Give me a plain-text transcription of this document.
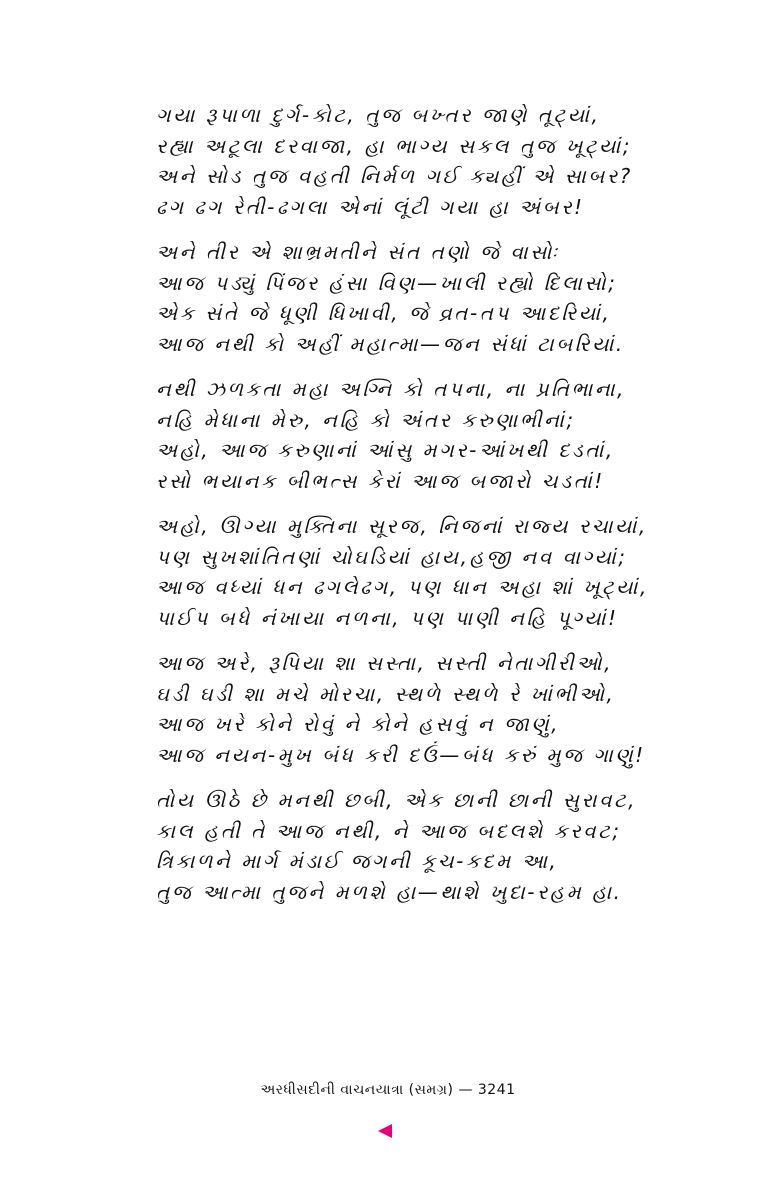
ગયા રૂપાળા દુર્ગ-કોટ, તુજ બખ્તર જાણે તૂટ્યાં,
રહ્યા અટૂલા દરવાજા, હા ભાગ્ય સકલ તુજ ખૂટ્યાં;
અને સોડ તુજ વહતી નિર્મળ ગઈ ક્યહીં એ સાબર?
ઢગ ઢગ રેતી-ઢગલા એનાં લૂંટી ગયા હા અંબર!
અને તીર એ શાભ્રમતીને સંત તણો જે વાસોઃ
આજ પડ્યું પિંજર હંસા વિણ—ખાલી રહ્યો દિલાસો;
એક સંતે જે ધૂણી ધિખાવી, જે વ્રત-તપ આદરિયાં,
આજ નથી કો અહીં મહાત્મા—જન સંધાં ટાબરિયાં.
નથી ઝળકતા મહા અગ્નિ કો તપના, ના પ્રતિભાના,
નહિ મેધાના મેરુ, નહિ કો અંતર કરુણાભીનાં;
અહો, આજ કરુણાનાં આંસુ મગર-આંખથી દડતાં,
રસો ભયાનક બીભત્સ કેરાં આજ બજારો ચડતાં!
અહો, ઊગ્યા મુક્તિના સૂરજ, નિજનાં રાજ્ય રચાયાં,
પણ સુખશાંતિતણાં ચોઘડિયાં હાય,હજી નવ વાગ્યાં;
આજ વધ્યાં ધન ઢગલેઢગ, પણ ધાન અહા શાં ખૂટ્યાં,
પાઈપ બધે નંખાયા નળના, પણ પાણી નહિ પૂગ્યાં!
આજ અરે, રૂપિયા શા સસ્તા, સસ્તી નેતાગીરીઓ,
ઘડી ઘડી શા મચે મોરચા, સ્થળે સ્થળે રે ખાંભીઓ,
આજ ખરે કોને રોવું ને કોને હસવું ન જાણું,
આજ નયન-મુખ બંધ કરી દઉં—બંધ કરું મુજ ગાણું!
તોય ઊઠે છે મનથી છબી, એક છાની છાની સુરાવટ,
કાલ હતી તે આજ નથી, ને આજ બદલશે કરવટ;
ત્રિકાળને માર્ગ મંડાઈ જગની કૂચ-કદમ આ,
તુજ આત્મા તુજને મળશે હા—થાશે ખુદા-રહમ હા.
અરધીસદીની વાચનયાત્રા (સમગ્ર) — 3241
